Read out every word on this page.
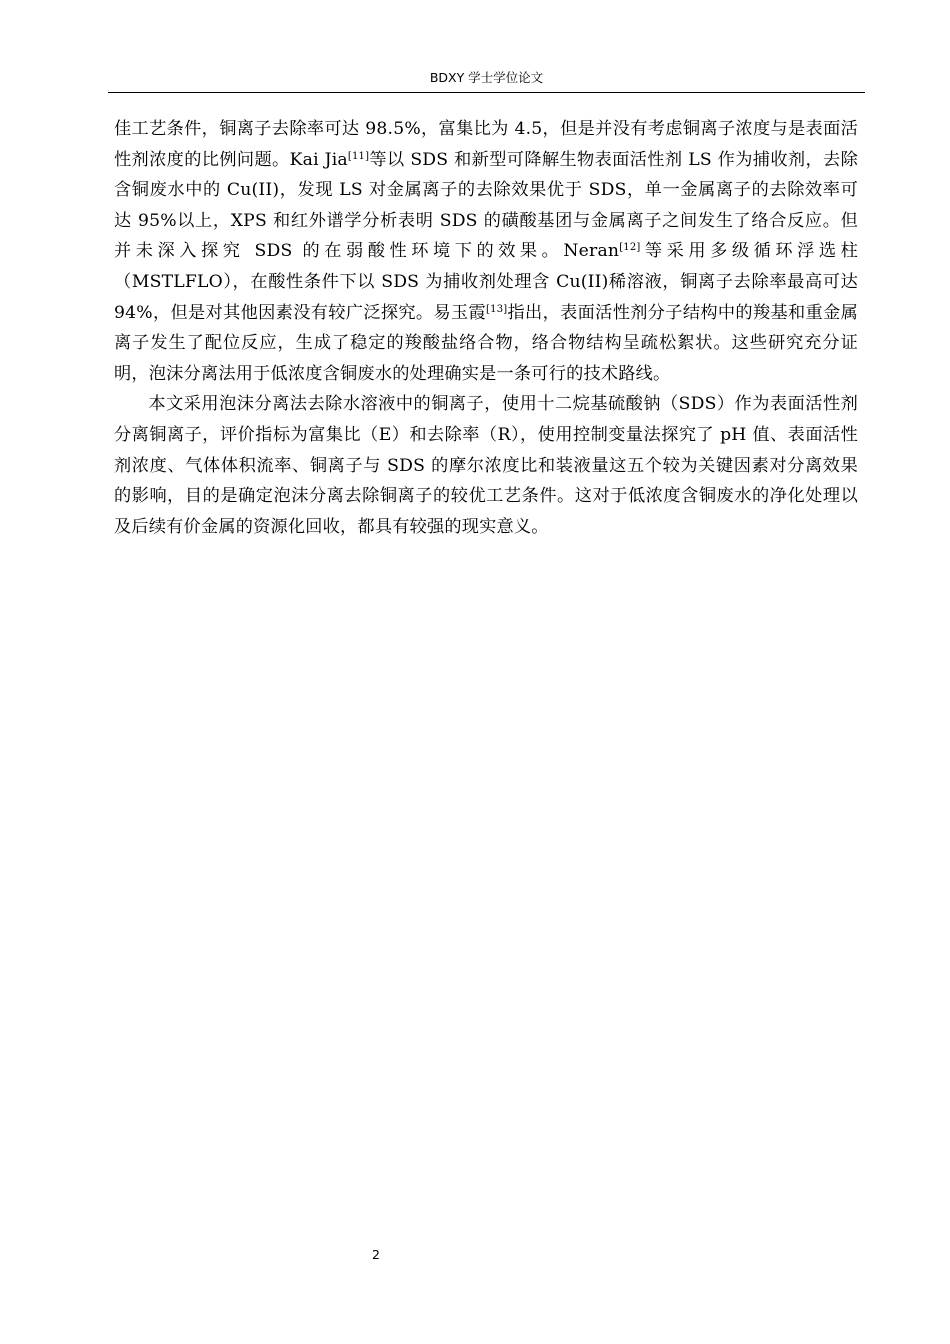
BDXY 学士学位论文

佳工艺条件，铜离子去除率可达 98.5%，富集比为 4.5，但是并没有考虑铜离子浓度与是表面活性剂浓度的比例问题。Kai Jia[11]等以 SDS 和新型可降解生物表面活性剂 LS 作为捕收剂，去除含铜废水中的 Cu(II)，发现 LS 对金属离子的去除效果优于 SDS，单一金属离子的去除效率可达 95%以上，XPS 和红外谱学分析表明 SDS 的磺酸基团与金属离子之间发生了络合反应。但并未深入探究 SDS 的在弱酸性环境下的效果。Neran[12]等采用多级循环浮选柱（MSTLFLO），在酸性条件下以 SDS 为捕收剂处理含 Cu(II)稀溶液，铜离子去除率最高可达 94%，但是对其他因素没有较广泛探究。易玉霞[13]指出，表面活性剂分子结构中的羧基和重金属离子发生了配位反应，生成了稳定的羧酸盐络合物，络合物结构呈疏松絮状。这些研究充分证明，泡沫分离法用于低浓度含铜废水的处理确实是一条可行的技术路线。

本文采用泡沫分离法去除水溶液中的铜离子，使用十二烷基硫酸钠（SDS）作为表面活性剂分离铜离子，评价指标为富集比（E）和去除率（R），使用控制变量法探究了 pH 值、表面活性剂浓度、气体体积流率、铜离子与 SDS 的摩尔浓度比和装液量这五个较为关键因素对分离效果的影响，目的是确定泡沫分离去除铜离子的较优工艺条件。这对于低浓度含铜废水的净化处理以及后续有价金属的资源化回收，都具有较强的现实意义。

2
